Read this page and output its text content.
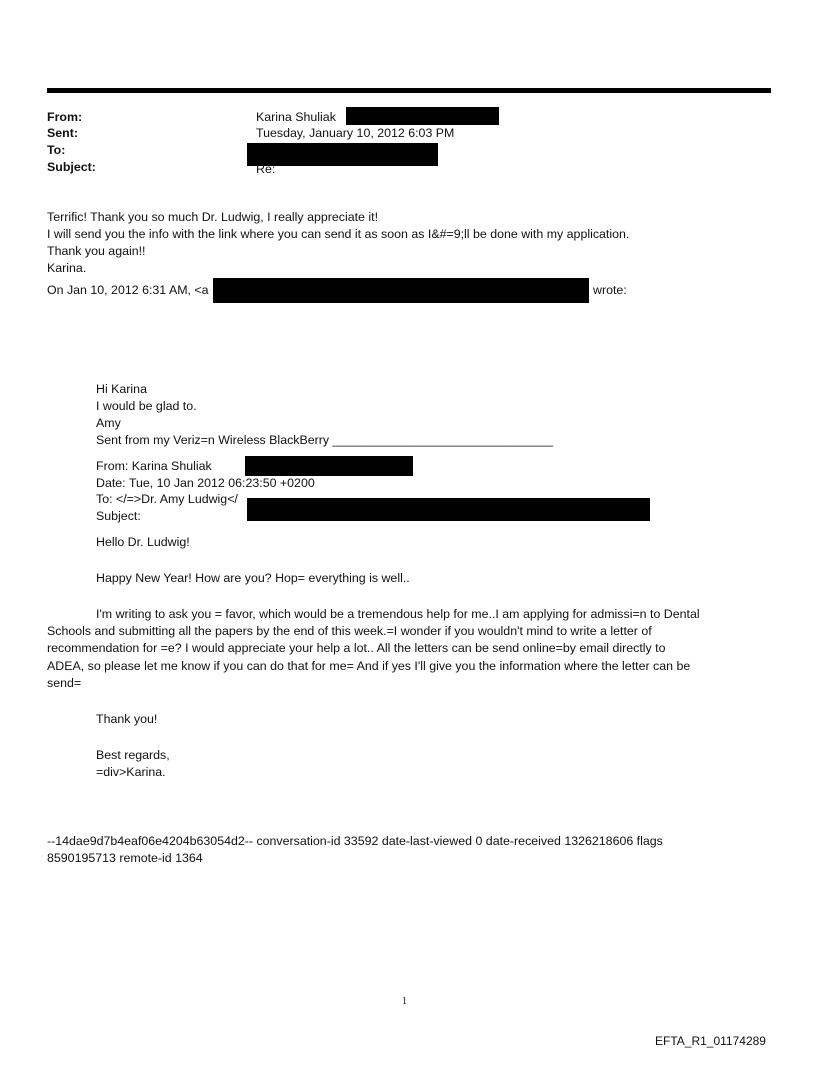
From:	Karina Shuliak
Sent:	Tuesday, January 10, 2012 6:03 PM
To:
Subject:	Re:
Terrific! Thank you so much Dr. Ludwig, I really appreciate it!
I will send you the info with the link where you can send it as soon as I&#=9;ll be done with my application.
Thank you again!!
Karina.
On Jan 10, 2012 6:31 AM, <a	wrote:
Hi Karina
I would be glad to.
Amy
Sent from my Veriz=n Wireless BlackBerry ________________________________
From: Karina Shuliak
Date: Tue, 10 Jan 2012 06:23:50 +0200
To: </=>Dr. Amy Ludwig</
Subject:
Hello Dr. Ludwig!
Happy New Year! How are you? Hop= everything is well..
I'm writing to ask you = favor, which would be a tremendous help for me..I am applying for admissi=n to Dental
Schools and submitting all the papers by the end of this week.=I wonder if you wouldn't mind to write a letter of
recommendation for =e? I would appreciate your help a lot.. All the letters can be send online=by email directly to
ADEA, so please let me know if you can do that for me= And if yes I'll give you the information where the letter can be
send=
Thank you!
Best regards,
=div>Karina.
--14dae9d7b4eaf06e4204b63054d2-- conversation-id 33592 date-last-viewed 0 date-received 1326218606 flags
8590195713 remote-id 1364
1
EFTA_R1_01174289
